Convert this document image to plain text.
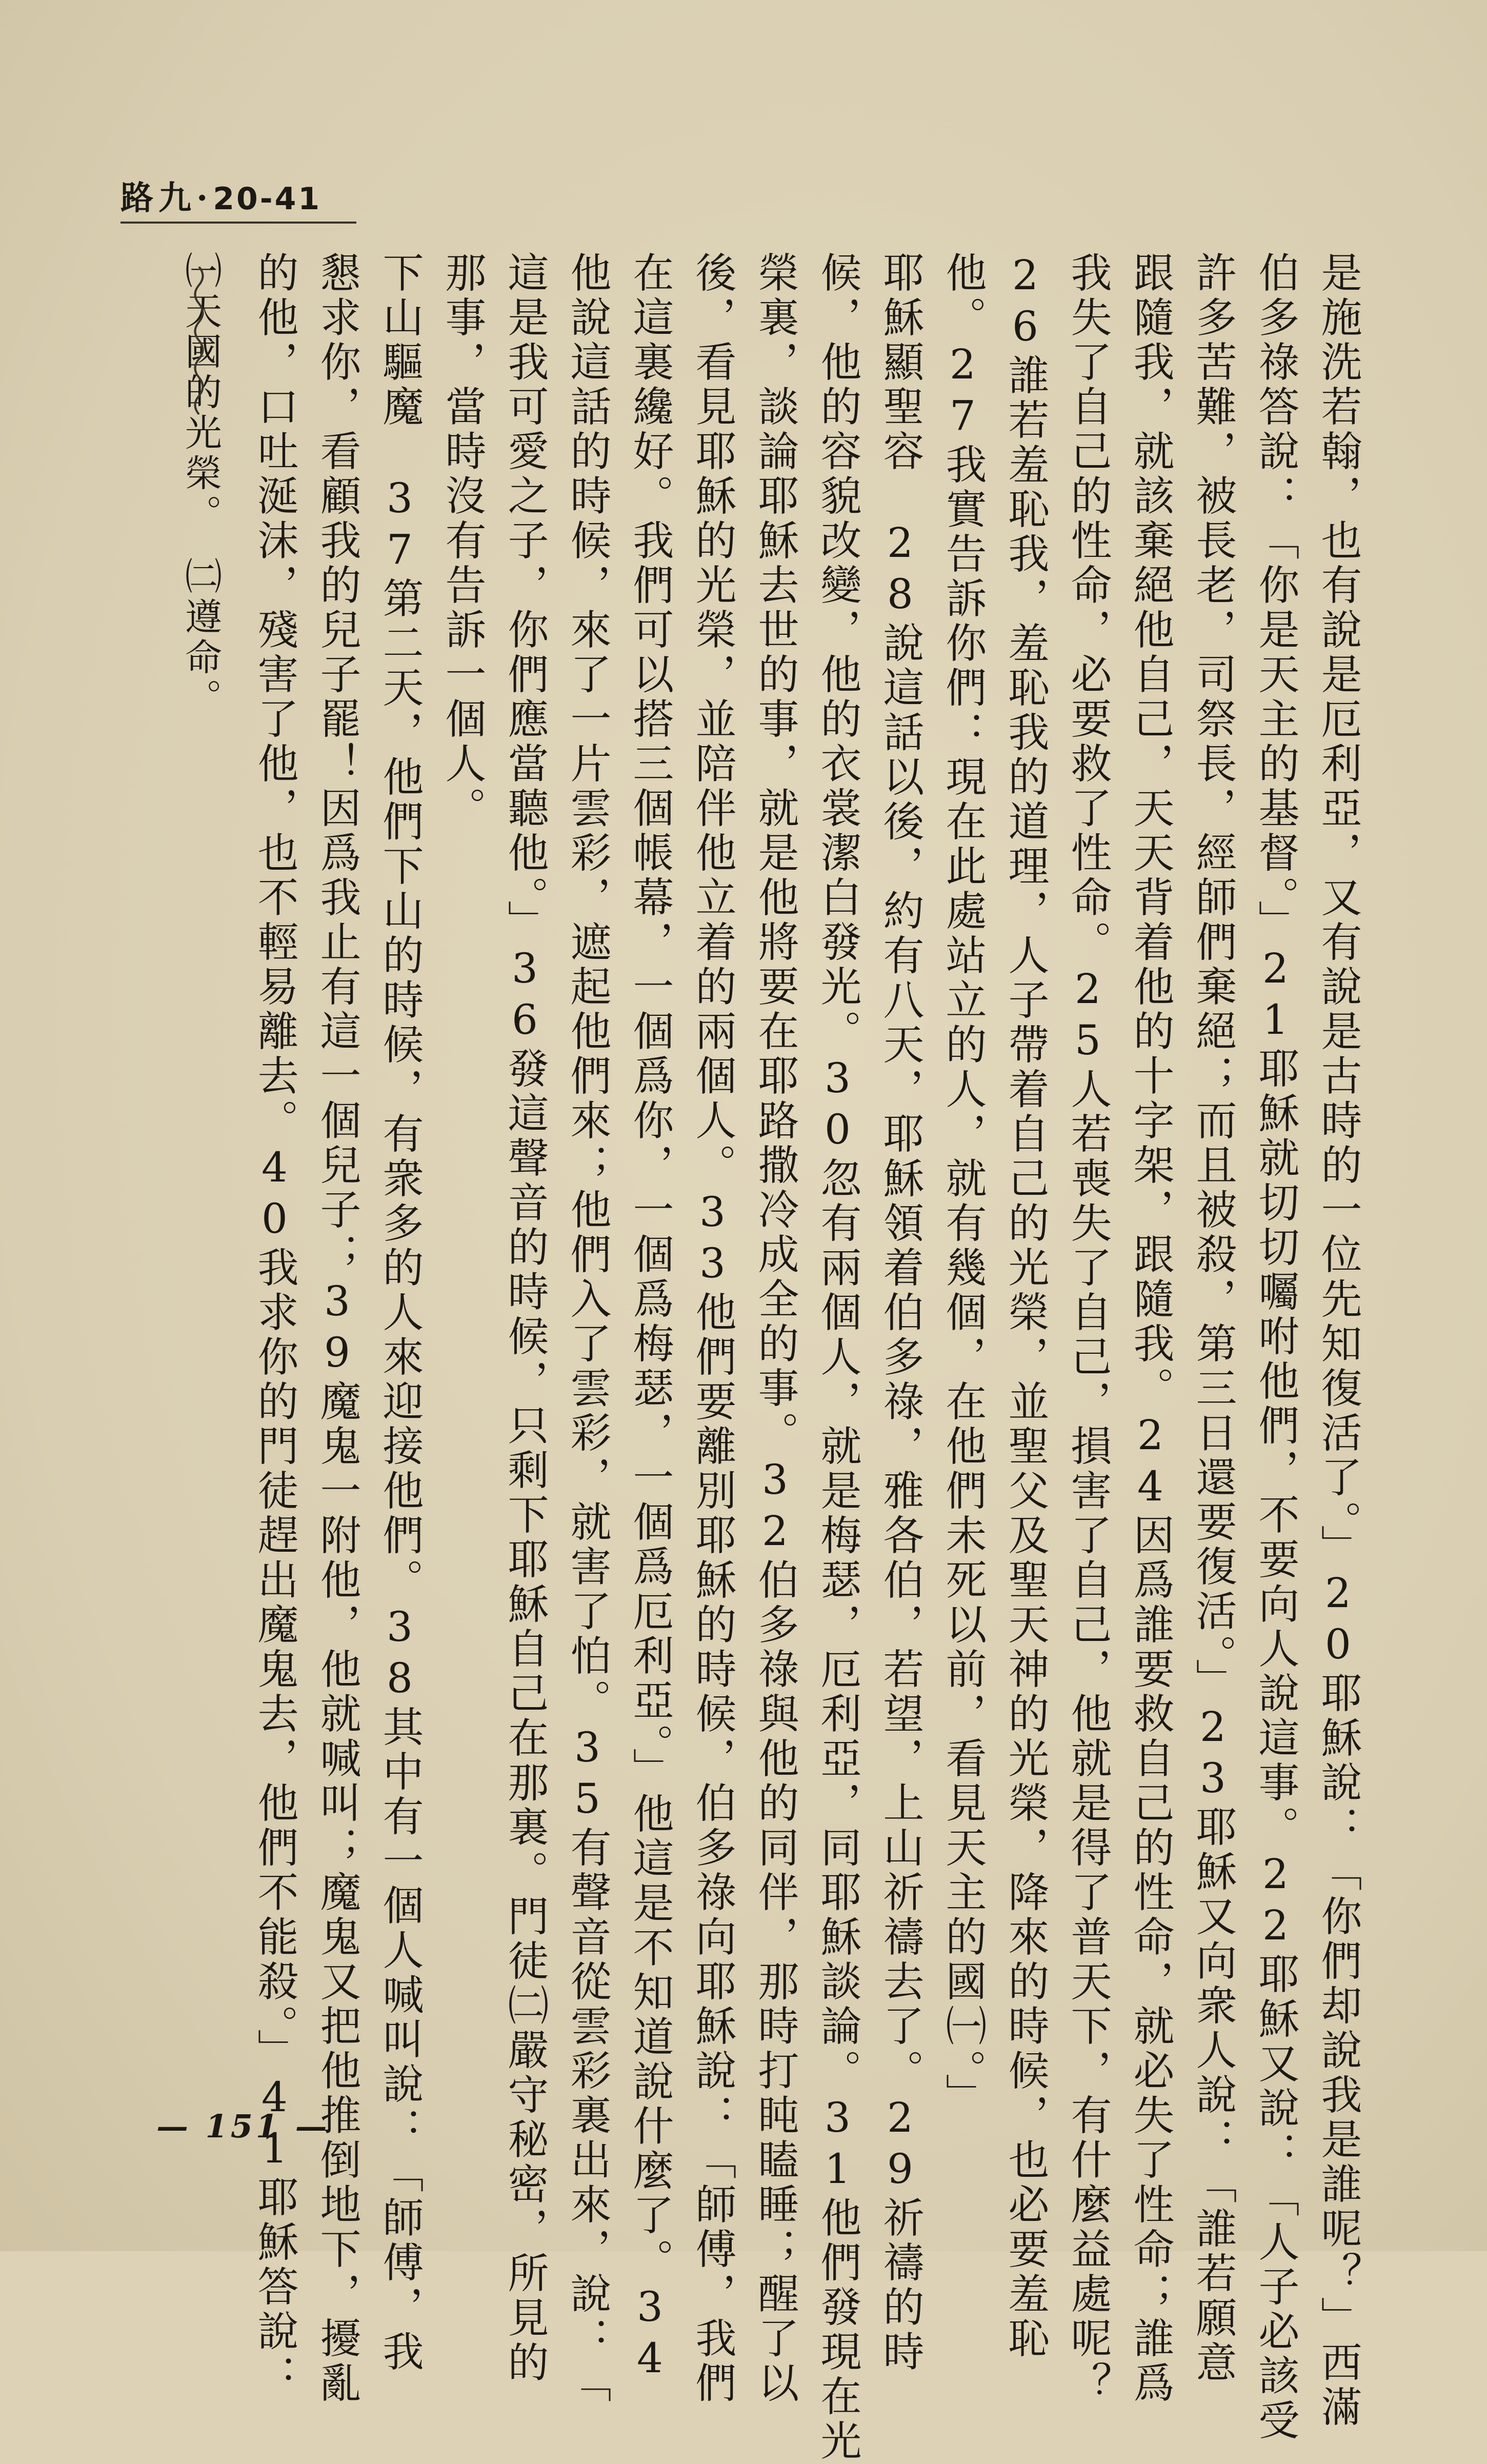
路 九 · 20-41
是施洗若翰，也有說是厄利亞，又有說是古時的一位先知復活了。」20耶穌說：「你們却說我是誰呢？」西滿
伯多祿答說：「你是天主的基督。」21耶穌就切切囑咐他們，不要向人說這事。22耶穌又說：「人子必該受
許多苦難，被長老，司祭長，經師們棄絕；而且被殺，第三日還要復活。」23耶穌又向衆人說：「誰若願意
跟隨我，就該棄絕他自己，天天背着他的十字架，跟隨我。24因爲誰要救自己的性命，就必失了性命；誰爲
我失了自己的性命，必要救了性命。25人若喪失了自己，損害了自己，他就是得了普天下，有什麼益處呢？
26誰若羞恥我，羞恥我的道理，人子帶着自己的光榮，並聖父及聖天神的光榮，降來的時候，也必要羞恥
他。27我實告訴你們：現在此處站立的人，就有幾個，在他們未死以前，看見天主的國㈠。」
耶穌顯聖容　28說這話以後，約有八天，耶穌領着伯多祿，雅各伯，若望，上山祈禱去了。29祈禱的時
候，他的容貌改變，他的衣裳潔白發光。30忽有兩個人，就是梅瑟，厄利亞，同耶穌談論。31他們發現在光
榮裏，談論耶穌去世的事，就是他將要在耶路撒冷成全的事。32伯多祿與他的同伴，那時打盹瞌睡；醒了以
後，看見耶穌的光榮，並陪伴他立着的兩個人。33他們要離別耶穌的時候，伯多祿向耶穌說：「師傅，我們
在這裏纔好。我們可以搭三個帳幕，一個爲你，一個爲梅瑟，一個爲厄利亞。」他這是不知道說什麼了。34
他說這話的時候，來了一片雲彩，遮起他們來；他們入了雲彩，就害了怕。35有聲音從雲彩裏出來，說：「
這是我可愛之子，你們應當聽他。」36發這聲音的時候，只剩下耶穌自己在那裏。門徒㈡嚴守秘密，所見的
那事，當時沒有告訴一個人。
下山驅魔　37第二天，他們下山的時候，有衆多的人來迎接他們。38其中有一個人喊叫說：「師傅，我
懇求你，看顧我的兒子罷！因爲我止有這一個兒子；39魔鬼一附他，他就喊叫；魔鬼又把他推倒地下，擾亂
的他，口吐涎沫，殘害了他，也不輕易離去。40我求你的門徒趕出魔鬼去，他們不能殺。」41耶穌答說：
㈠天國的光榮。　㈡遵命。
— 151 —
